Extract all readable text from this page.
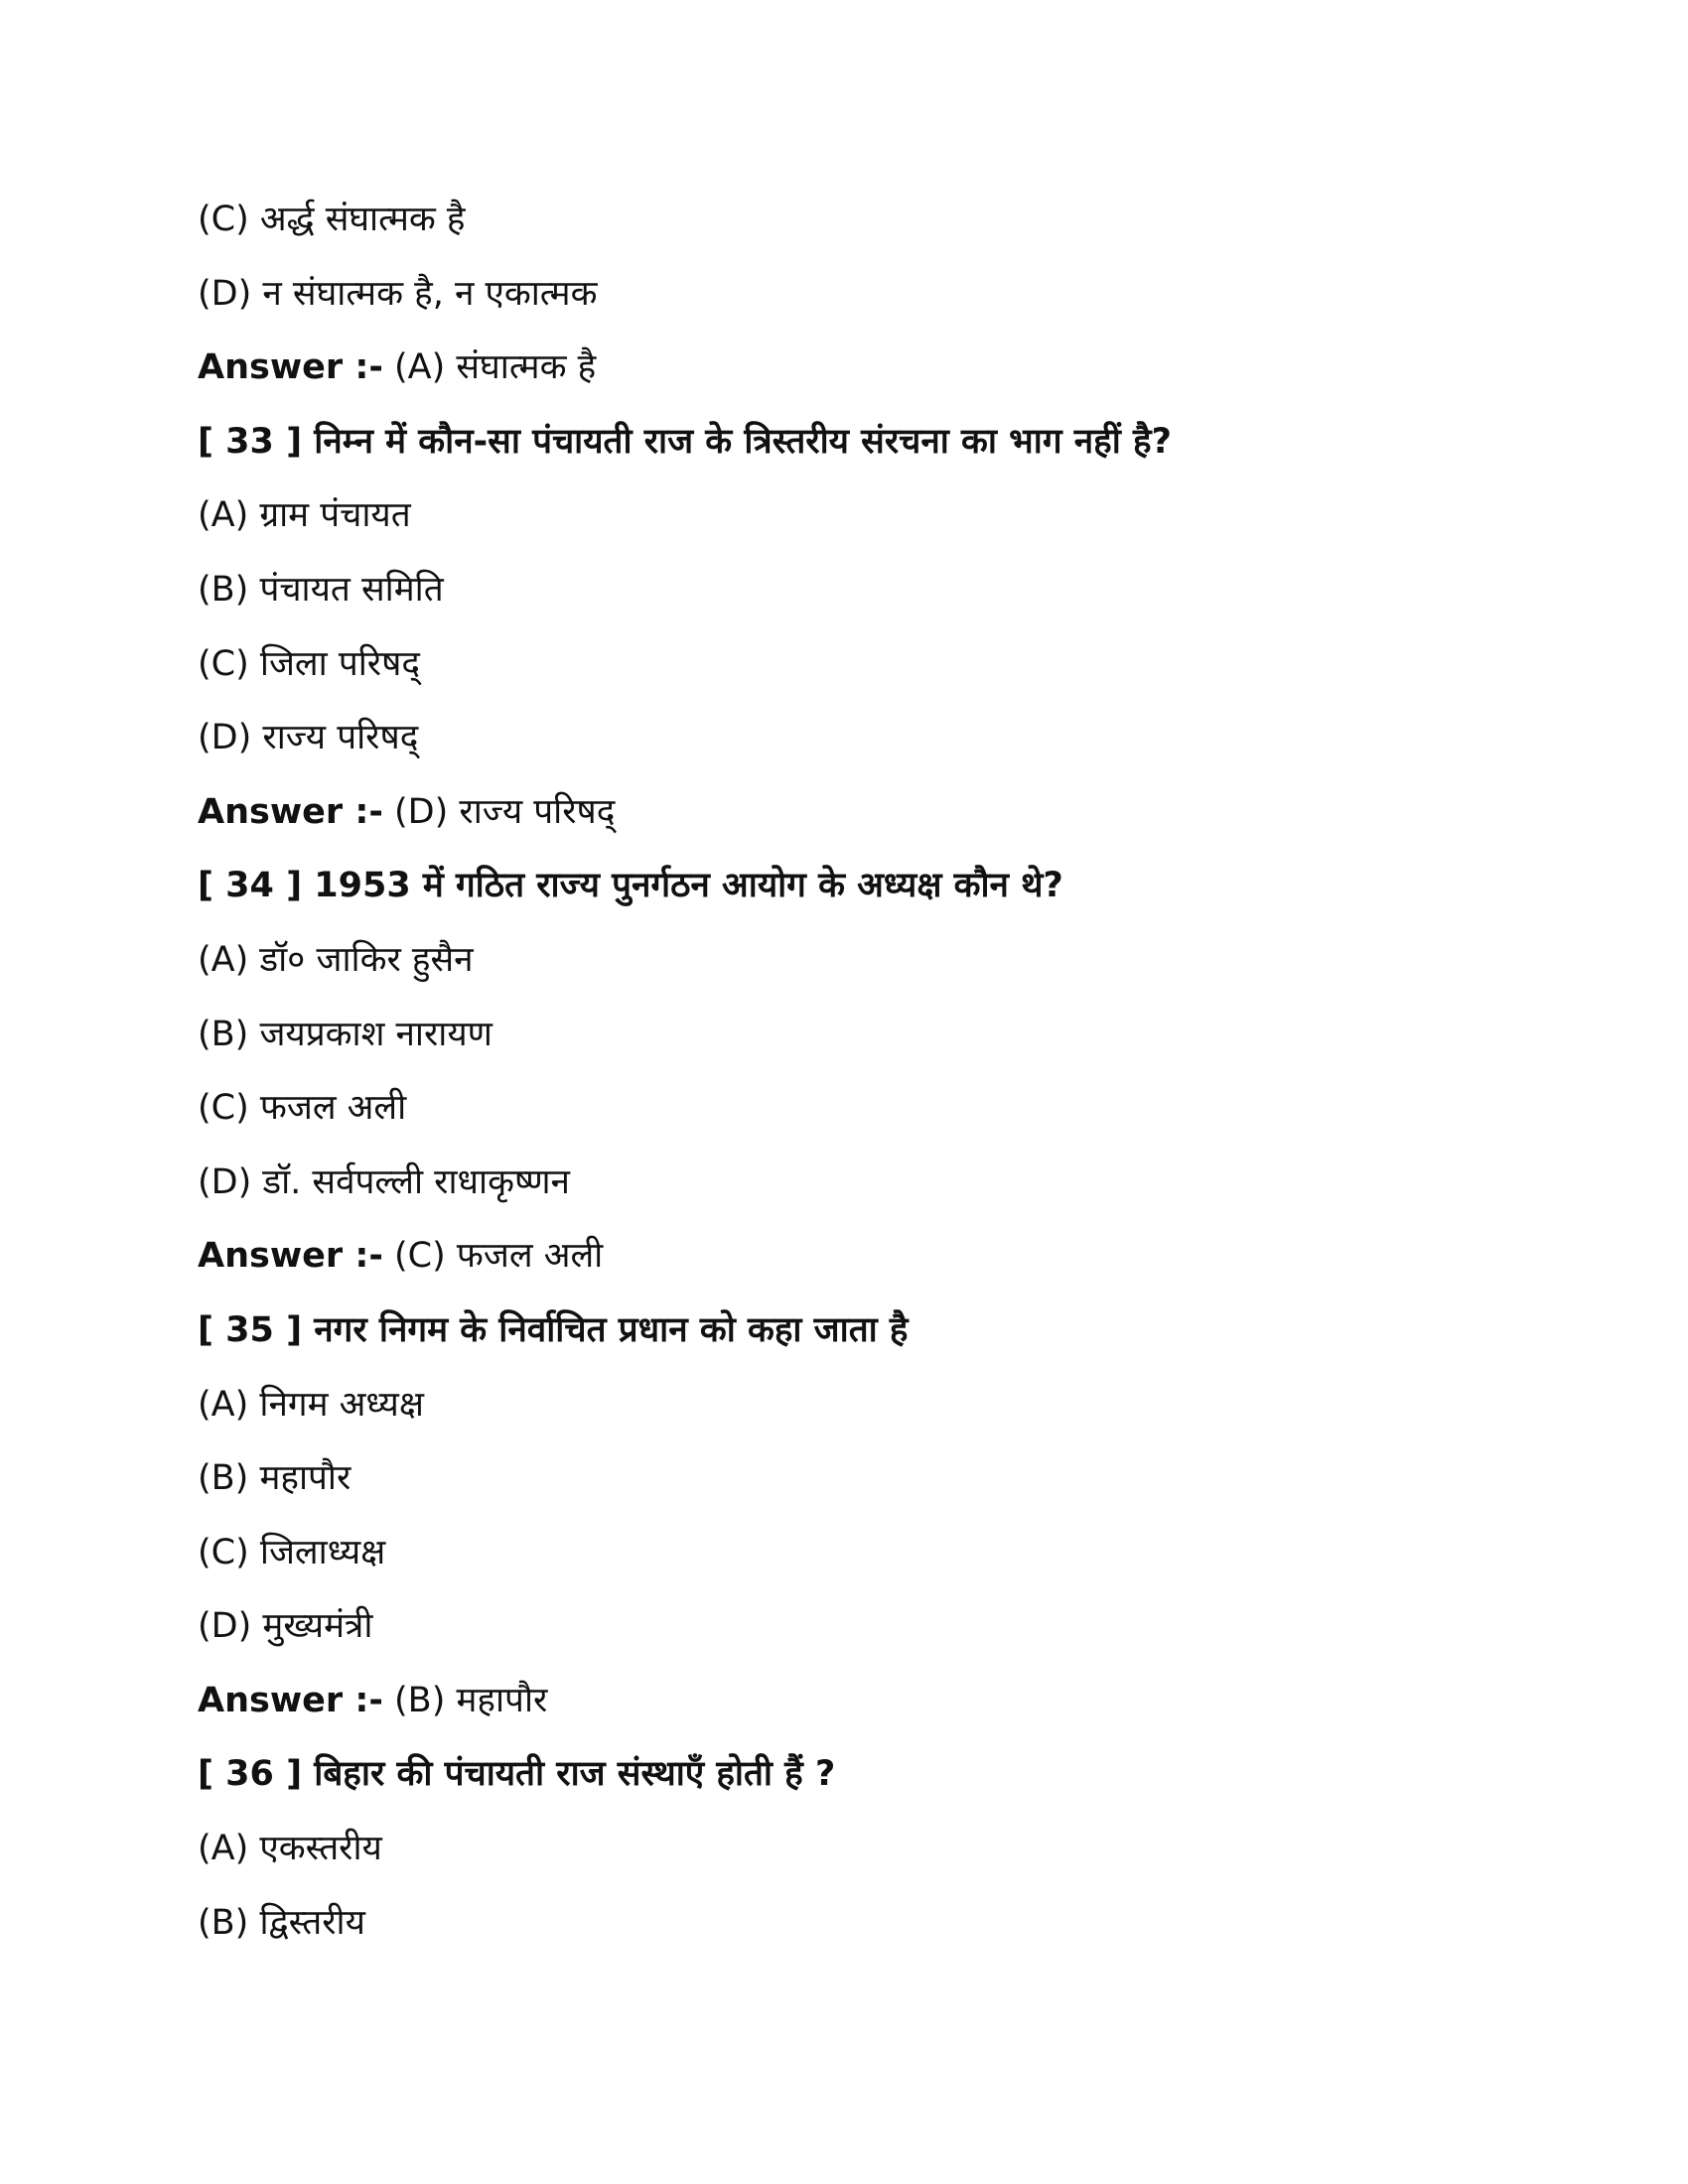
(C) अर्द्ध संघात्मक है
(D) न संघात्मक है, न एकात्मक
Answer :- (A) संघात्मक है
[ 33 ] निम्न में कौन-सा पंचायती राज के त्रिस्तरीय संरचना का भाग नहीं है?
(A) ग्राम पंचायत
(B) पंचायत समिति
(C) जिला परिषद्
(D) राज्य परिषद्
Answer :- (D) राज्य परिषद्
[ 34 ] 1953 में गठित राज्य पुनर्गठन आयोग के अध्यक्ष कौन थे?
(A) डॉ० जाकिर हुसैन
(B) जयप्रकाश नारायण
(C) फजल अली
(D) डॉ. सर्वपल्ली राधाकृष्णन
Answer :- (C) फजल अली
[ 35 ] नगर निगम के निर्वाचित प्रधान को कहा जाता है
(A) निगम अध्यक्ष
(B) महापौर
(C) जिलाध्यक्ष
(D) मुख्यमंत्री
Answer :- (B) महापौर
[ 36 ] बिहार की पंचायती राज संस्थाएँ होती हैं ?
(A) एकस्तरीय
(B) द्विस्तरीय
